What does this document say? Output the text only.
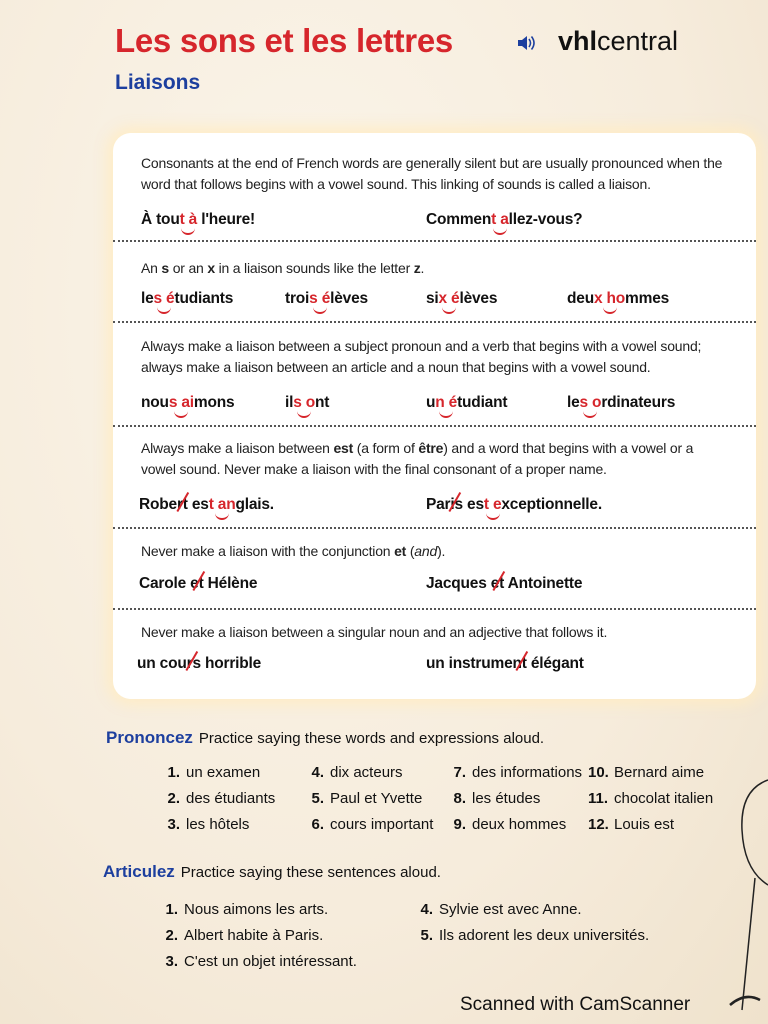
Les sons et les lettres	vhlcentral
Liaisons
Consonants at the end of French words are generally silent but are usually pronounced when the word that follows begins with a vowel sound. This linking of sounds is called a liaison.
À tout à l'heure!	Comment allez-vous?
An s or an x in a liaison sounds like the letter z.
les étudiants	trois élèves	six élèves	deux hommes
Always make a liaison between a subject pronoun and a verb that begins with a vowel sound; always make a liaison between an article and a noun that begins with a vowel sound.
nous aimons	ils ont	un étudiant	les ordinateurs
Always make a liaison between est (a form of être) and a word that begins with a vowel or a vowel sound. Never make a liaison with the final consonant of a proper name.
Robert est anglais.	Paris est exceptionnelle.
Never make a liaison with the conjunction et (and).
Carole et Hélène	Jacques et Antoinette
Never make a liaison between a singular noun and an adjective that follows it.
un cours horrible	un instrument élégant
Prononcez Practice saying these words and expressions aloud.
1. un examen
2. des étudiants
3. les hôtels
4. dix acteurs
5. Paul et Yvette
6. cours important
7. des informations
8. les études
9. deux hommes
10. Bernard aime
11. chocolat italien
12. Louis est
Articulez Practice saying these sentences aloud.
1. Nous aimons les arts.
2. Albert habite à Paris.
3. C'est un objet intéressant.
4. Sylvie est avec Anne.
5. Ils adorent les deux universités.
Scanned with CamScanner
